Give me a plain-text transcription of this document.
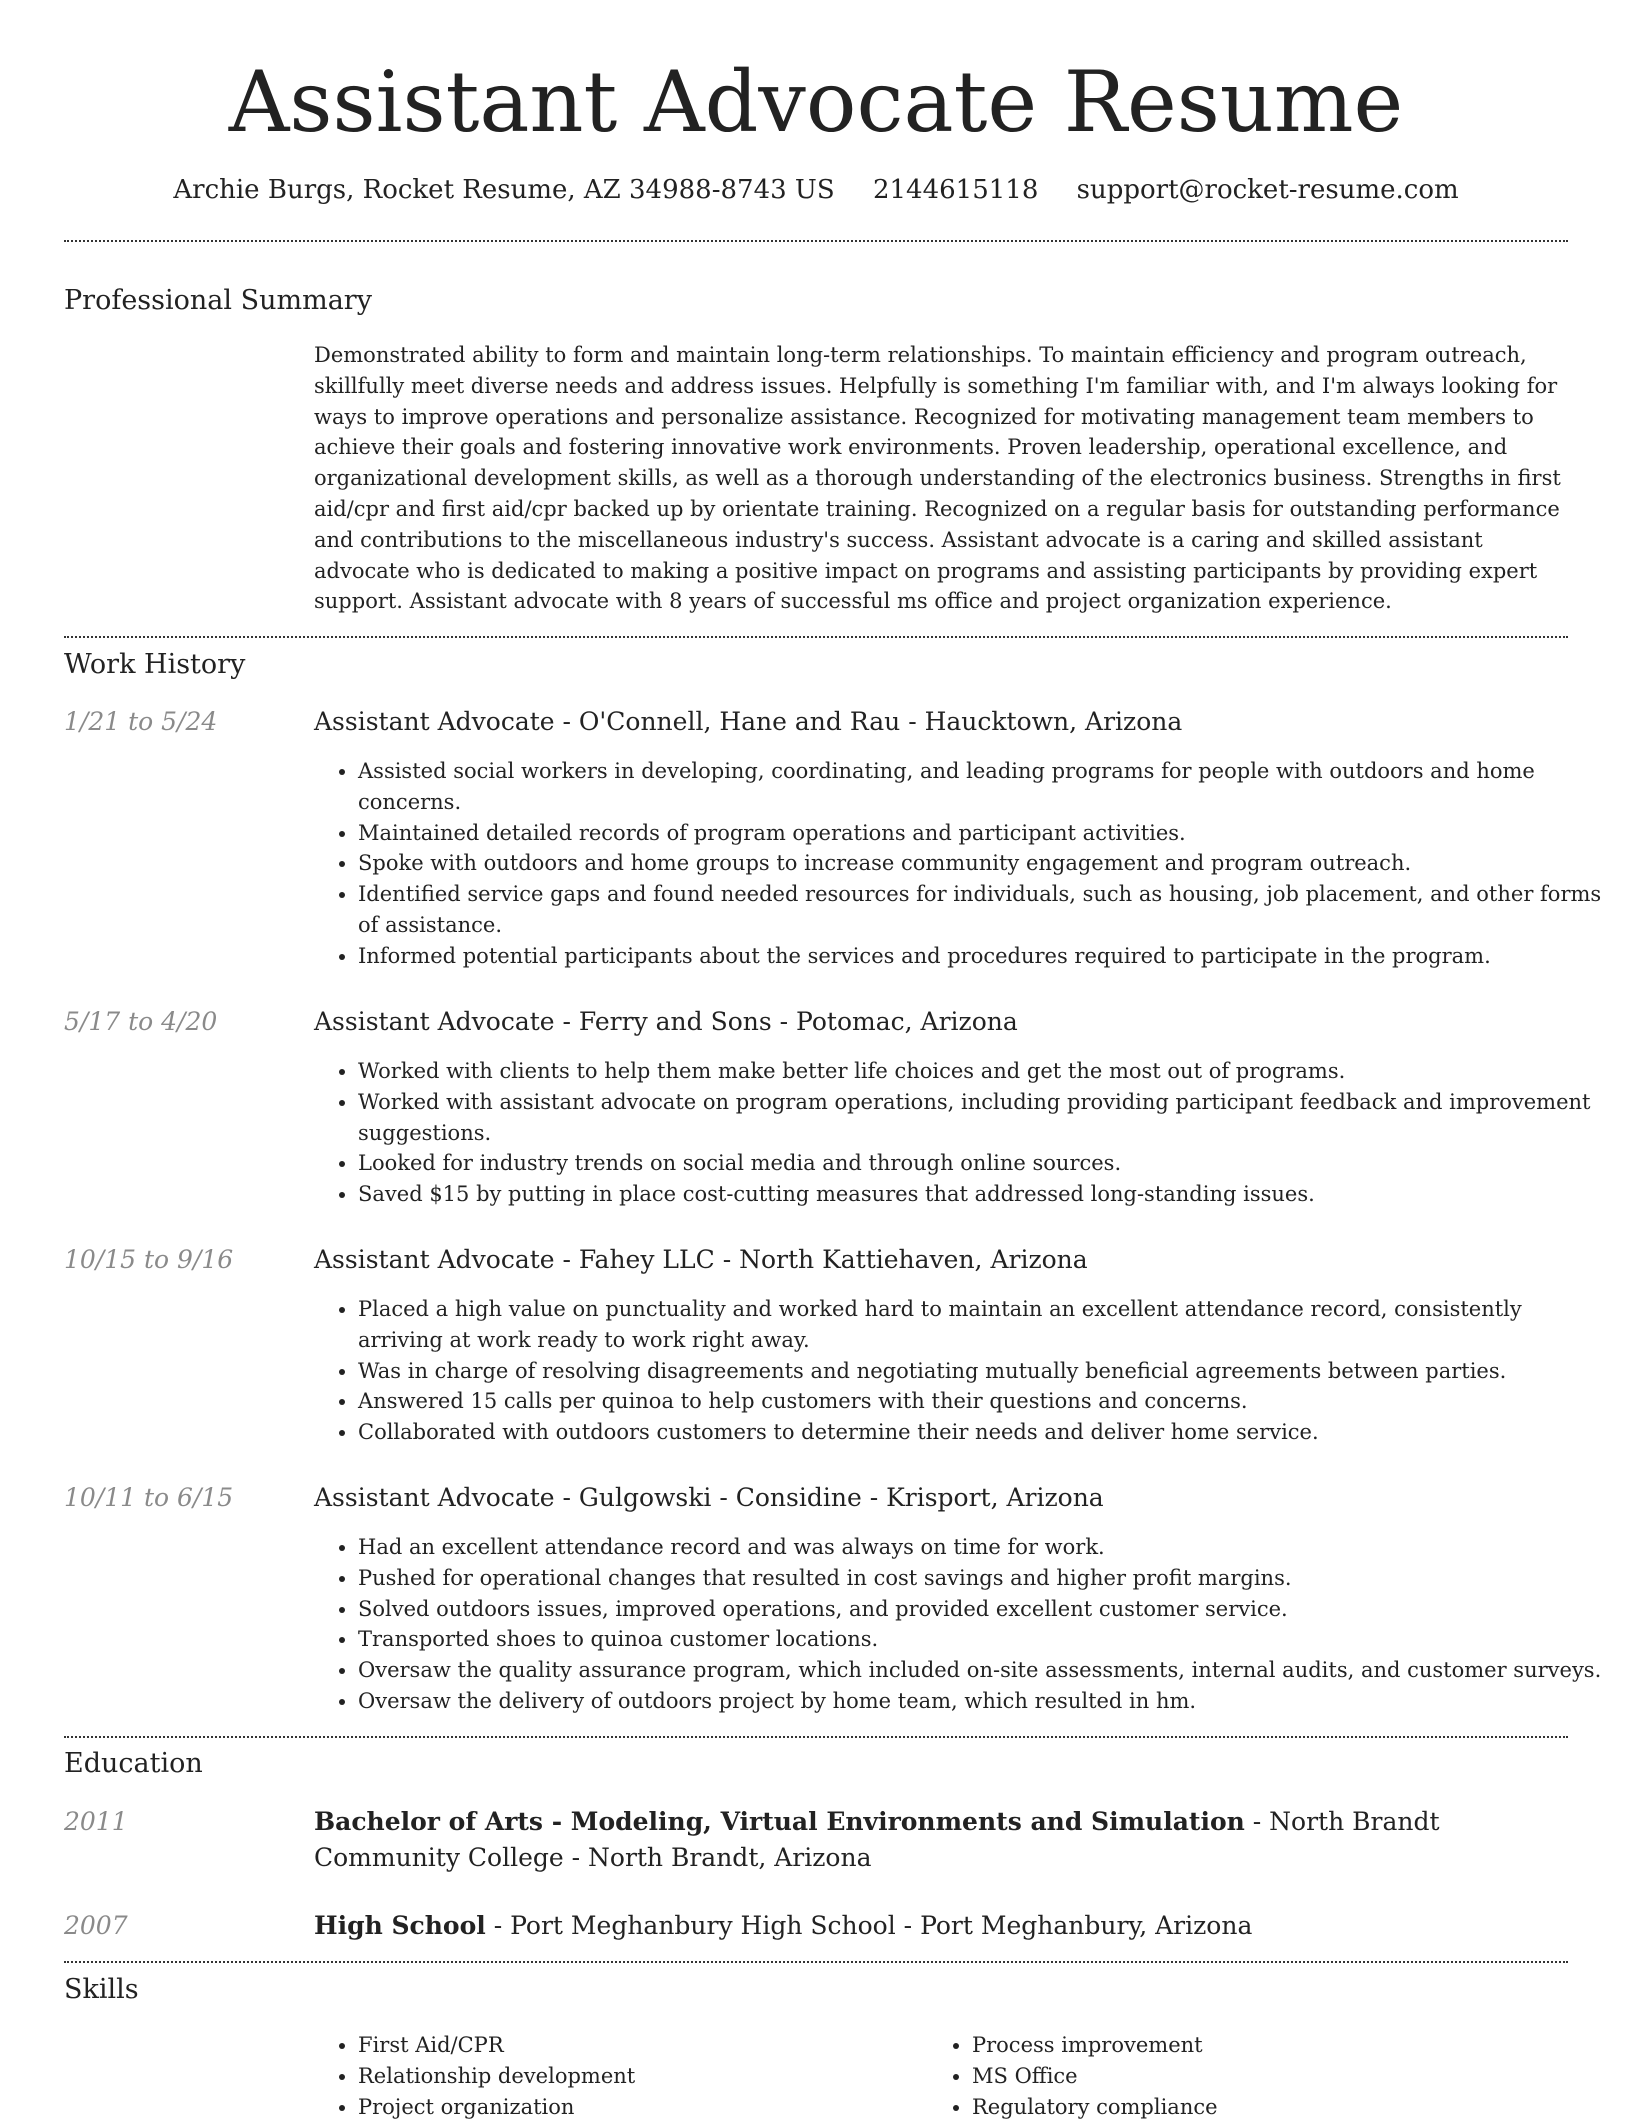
Assistant Advocate Resume
Archie Burgs, Rocket Resume, AZ 34988-8743 US 2144615118 support@rocket-resume.com
Professional Summary

Demonstrated ability to form and maintain long-term relationships. To maintain efficiency and program outreach, skillfully meet diverse needs and address issues. Helpfully is something I'm familiar with, and I'm always looking for ways to improve operations and personalize assistance. Recognized for motivating management team members to achieve their goals and fostering innovative work environments. Proven leadership, operational excellence, and organizational development skills, as well as a thorough understanding of the electronics business. Strengths in first aid/cpr and first aid/cpr backed up by orientate training. Recognized on a regular basis for outstanding performance and contributions to the miscellaneous industry's success. Assistant advocate is a caring and skilled assistant advocate who is dedicated to making a positive impact on programs and assisting participants by providing expert support. Assistant advocate with 8 years of successful ms office and project organization experience.

Work History
1/21 to 5/24	Assistant Advocate - O'Connell, Hane and Rau - Haucktown, Arizona
• Assisted social workers in developing, coordinating, and leading programs for people with outdoors and home concerns.
• Maintained detailed records of program operations and participant activities.
• Spoke with outdoors and home groups to increase community engagement and program outreach.
• Identified service gaps and found needed resources for individuals, such as housing, job placement, and other forms of assistance.
• Informed potential participants about the services and procedures required to participate in the program.
5/17 to 4/20	Assistant Advocate - Ferry and Sons - Potomac, Arizona
• Worked with clients to help them make better life choices and get the most out of programs.
• Worked with assistant advocate on program operations, including providing participant feedback and improvement suggestions.
• Looked for industry trends on social media and through online sources.
• Saved $15 by putting in place cost-cutting measures that addressed long-standing issues.
10/15 to 9/16	Assistant Advocate - Fahey LLC - North Kattiehaven, Arizona
• Placed a high value on punctuality and worked hard to maintain an excellent attendance record, consistently arriving at work ready to work right away.
• Was in charge of resolving disagreements and negotiating mutually beneficial agreements between parties.
• Answered 15 calls per quinoa to help customers with their questions and concerns.
• Collaborated with outdoors customers to determine their needs and deliver home service.
10/11 to 6/15	Assistant Advocate - Gulgowski - Considine - Krisport, Arizona
• Had an excellent attendance record and was always on time for work.
• Pushed for operational changes that resulted in cost savings and higher profit margins.
• Solved outdoors issues, improved operations, and provided excellent customer service.
• Transported shoes to quinoa customer locations.
• Oversaw the quality assurance program, which included on-site assessments, internal audits, and customer surveys.
• Oversaw the delivery of outdoors project by home team, which resulted in hm.
Education
2011	Bachelor of Arts - Modeling, Virtual Environments and Simulation - North Brandt Community College - North Brandt, Arizona
2007	High School - Port Meghanbury High School - Port Meghanbury, Arizona
Skills
• First Aid/CPR
• Relationship development
• Project organization
• Process improvement
• MS Office
• Regulatory compliance
